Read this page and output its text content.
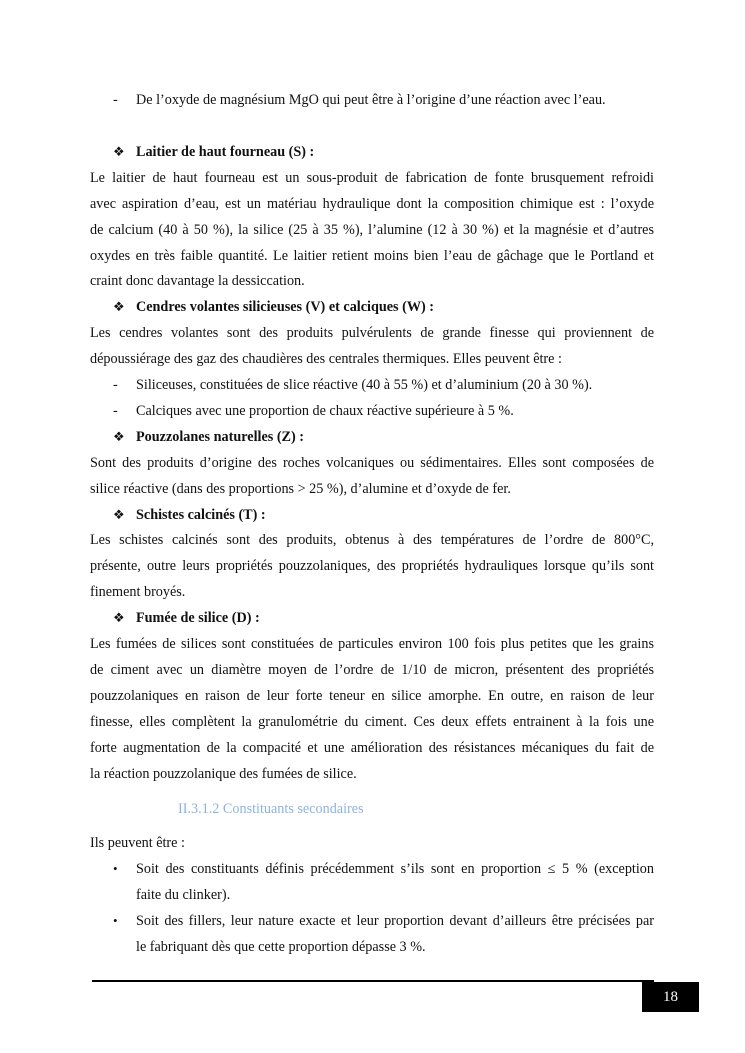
- De l’oxyde de magnésium MgO qui peut être à l’origine d’une réaction avec l’eau.
❖ Laitier de haut fourneau (S) :
Le laitier de haut fourneau est un sous-produit de fabrication de fonte brusquement refroidi
avec aspiration d’eau, est un matériau hydraulique dont la composition chimique est : l’oxyde
de calcium (40 à 50 %), la silice (25 à 35 %), l’alumine (12 à 30 %) et la magnésie et d’autres
oxydes en très faible quantité. Le laitier retient moins bien l’eau de gâchage que le Portland et
craint donc davantage la dessiccation.
❖ Cendres volantes silicieuses (V) et calciques (W) :
Les cendres volantes sont des produits pulvérulents de grande finesse qui proviennent de
dépoussiérage des gaz des chaudières des centrales thermiques. Elles peuvent être :
- Siliceuses, constituées de slice réactive (40 à 55 %) et d’aluminium (20 à 30 %).
- Calciques avec une proportion de chaux réactive supérieure à 5 %.
❖ Pouzzolanes naturelles (Z) :
Sont des produits d’origine des roches volcaniques ou sédimentaires. Elles sont composées de
silice réactive (dans des proportions > 25 %), d’alumine et d’oxyde de fer.
❖ Schistes calcinés (T) :
Les schistes calcinés sont des produits, obtenus à des températures de l’ordre de 800°C,
présente, outre leurs propriétés pouzzolaniques, des propriétés hydrauliques lorsque qu’ils sont
finement broyés.
❖ Fumée de silice (D) :
Les fumées de silices sont constituées de particules environ 100 fois plus petites que les grains
de ciment avec un diamètre moyen de l’ordre de 1/10 de micron, présentent des propriétés
pouzzolaniques en raison de leur forte teneur en silice amorphe. En outre, en raison de leur
finesse, elles complètent la granulométrie du ciment. Ces deux effets entrainent à la fois une
forte augmentation de la compacité et une amélioration des résistances mécaniques du fait de
la réaction pouzzolanique des fumées de silice.
II.3.1.2 Constituants secondaires
Ils peuvent être :
• Soit des constituants définis précédemment s’ils sont en proportion ≤ 5 % (exception
faite du clinker).
• Soit des fillers, leur nature exacte et leur proportion devant d’ailleurs être précisées par
le fabriquant dès que cette proportion dépasse 3 %.
18
